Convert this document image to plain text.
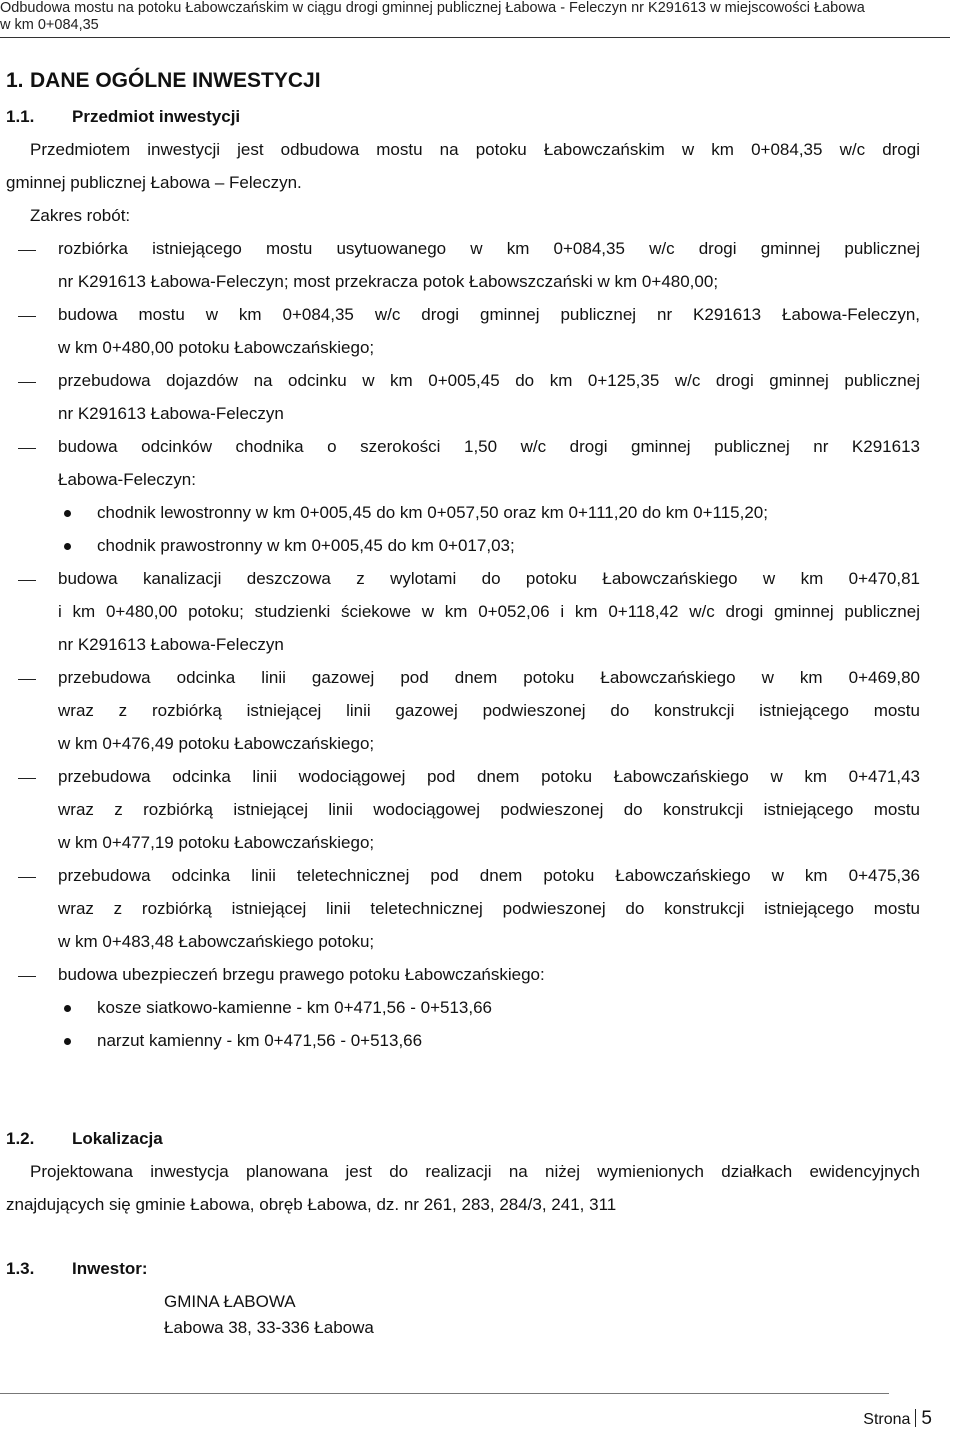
Odbudowa mostu na potoku Łabowczańskim w ciągu drogi gminnej publicznej Łabowa - Feleczyn nr K291613 w miejscowości Łabowa
w km 0+084,35
1. DANE OGÓLNE INWESTYCJI
1.1. Przedmiot inwestycji
Przedmiotem inwestycji jest odbudowa mostu na potoku Łabowczańskim w km 0+084,35 w/c drogi
gminnej publicznej Łabowa – Feleczyn.
Zakres robót:
rozbiórka istniejącego mostu usytuowanego w km 0+084,35 w/c drogi gminnej publicznej
nr K291613 Łabowa-Feleczyn; most przekracza potok Łabowszczański w km 0+480,00;
budowa mostu w km 0+084,35 w/c drogi gminnej publicznej nr K291613 Łabowa-Feleczyn,
w km 0+480,00 potoku Łabowczańskiego;
przebudowa dojazdów na odcinku w km 0+005,45 do km 0+125,35 w/c drogi gminnej publicznej
nr K291613 Łabowa-Feleczyn
budowa odcinków chodnika o szerokości 1,50 w/c drogi gminnej publicznej nr K291613
Łabowa-Feleczyn:
chodnik lewostronny w km 0+005,45 do km 0+057,50 oraz km 0+111,20 do km 0+115,20;
chodnik prawostronny w km 0+005,45 do km 0+017,03;
budowa kanalizacji deszczowa z wylotami do potoku Łabowczańskiego w km 0+470,81
i km 0+480,00 potoku; studzienki ściekowe w km 0+052,06 i km 0+118,42 w/c drogi gminnej publicznej
nr K291613 Łabowa-Feleczyn
przebudowa odcinka linii gazowej pod dnem potoku Łabowczańskiego w km 0+469,80
wraz z rozbiórką istniejącej linii gazowej podwieszonej do konstrukcji istniejącego mostu
w km 0+476,49 potoku Łabowczańskiego;
przebudowa odcinka linii wodociągowej pod dnem potoku Łabowczańskiego w km 0+471,43
wraz z rozbiórką istniejącej linii wodociągowej podwieszonej do konstrukcji istniejącego mostu
w km 0+477,19 potoku Łabowczańskiego;
przebudowa odcinka linii teletechnicznej pod dnem potoku Łabowczańskiego w km 0+475,36
wraz z rozbiórką istniejącej linii teletechnicznej podwieszonej do konstrukcji istniejącego mostu
w km 0+483,48 Łabowczańskiego potoku;
budowa ubezpieczeń brzegu prawego potoku Łabowczańskiego:
kosze siatkowo-kamienne - km 0+471,56 - 0+513,66
narzut kamienny - km 0+471,56 - 0+513,66
1.2. Lokalizacja
Projektowana inwestycja planowana jest do realizacji na niżej wymienionych działkach ewidencyjnych
znajdujących się gminie Łabowa, obręb Łabowa, dz. nr 261, 283, 284/3, 241, 311
1.3. Inwestor:
GMINA ŁABOWA
Łabowa 38, 33-336 Łabowa
Strona 5
